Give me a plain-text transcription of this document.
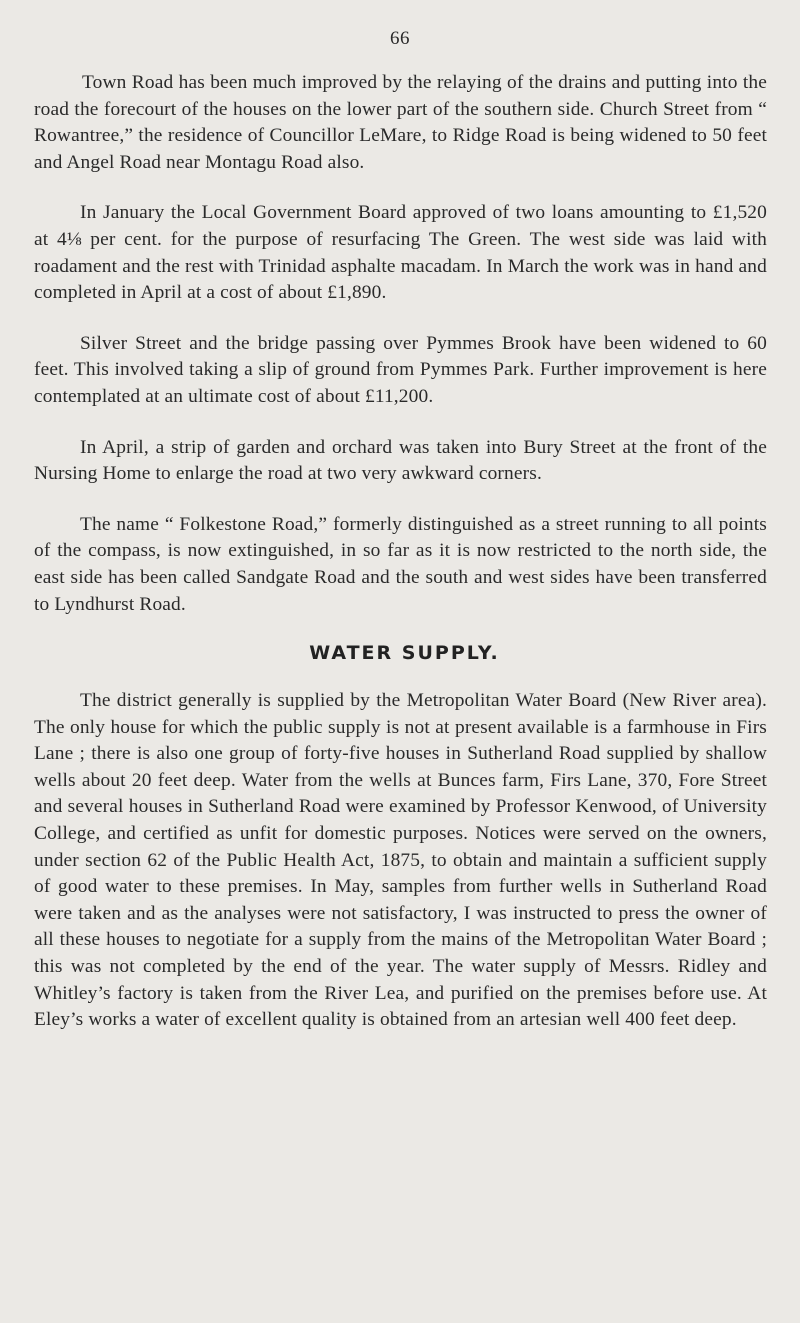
66

Town Road has been much improved by the relaying of the drains and putting into the road the forecourt of the houses on the lower part of the southern side. Church Street from “ Rowantree,” the residence of Councillor LeMare, to Ridge Road is being widened to 50 feet and Angel Road near Montagu Road also.

In January the Local Government Board approved of two loans amounting to £1,520 at 4⅛ per cent. for the purpose of resurfacing The Green. The west side was laid with roadament and the rest with Trinidad asphalte macadam. In March the work was in hand and completed in April at a cost of about £1,890.

Silver Street and the bridge passing over Pymmes Brook have been widened to 60 feet. This involved taking a slip of ground from Pymmes Park. Further improvement is here contemplated at an ultimate cost of about £11,200.

In April, a strip of garden and orchard was taken into Bury Street at the front of the Nursing Home to enlarge the road at two very awkward corners.

The name “ Folkestone Road,” formerly distinguished as a street running to all points of the compass, is now extinguished, in so far as it is now restricted to the north side, the east side has been called Sandgate Road and the south and west sides have been transferred to Lyndhurst Road.

WATER SUPPLY.

The district generally is supplied by the Metropolitan Water Board (New River area). The only house for which the public supply is not at present available is a farmhouse in Firs Lane ; there is also one group of forty-five houses in Sutherland Road supplied by shallow wells about 20 feet deep. Water from the wells at Bunces farm, Firs Lane, 370, Fore Street and several houses in Sutherland Road were examined by Professor Kenwood, of University College, and certified as unfit for domestic purposes. Notices were served on the owners, under section 62 of the Public Health Act, 1875, to obtain and maintain a sufficient supply of good water to these premises. In May, samples from further wells in Sutherland Road were taken and as the analyses were not satisfactory, I was instructed to press the owner of all these houses to negotiate for a supply from the mains of the Metropolitan Water Board ; this was not completed by the end of the year. The water supply of Messrs. Ridley and Whitley’s factory is taken from the River Lea, and purified on the premises before use. At Eley’s works a water of excellent quality is obtained from an artesian well 400 feet deep.
